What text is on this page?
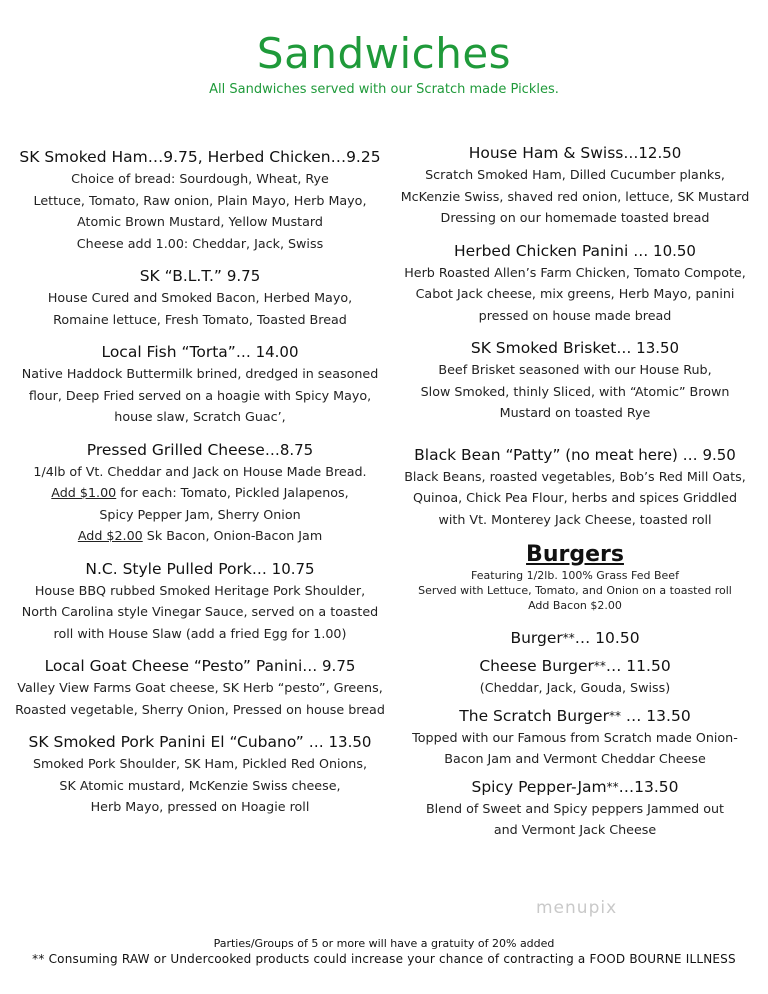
Sandwiches
All Sandwiches served with our Scratch made Pickles.
SK Smoked Ham…9.75, Herbed Chicken…9.25
Choice of bread: Sourdough, Wheat, Rye
Lettuce, Tomato, Raw onion, Plain Mayo, Herb Mayo,
Atomic Brown Mustard, Yellow Mustard
Cheese add 1.00: Cheddar, Jack, Swiss
SK “B.L.T.” 9.75
House Cured and Smoked Bacon, Herbed Mayo,
Romaine lettuce, Fresh Tomato, Toasted Bread
Local Fish “Torta”… 14.00
Native Haddock Buttermilk brined, dredged in seasoned
flour, Deep Fried served on a hoagie with Spicy Mayo,
house slaw, Scratch Guac’,
Pressed Grilled Cheese…8.75
1/4lb of Vt. Cheddar and Jack on House Made Bread.
Add $1.00 for each: Tomato, Pickled Jalapenos,
Spicy Pepper Jam, Sherry Onion
Add $2.00 Sk Bacon, Onion-Bacon Jam
N.C. Style Pulled Pork… 10.75
House BBQ rubbed Smoked Heritage Pork Shoulder,
North Carolina style Vinegar Sauce, served on a toasted
roll with House Slaw (add a fried Egg for 1.00)
Local Goat Cheese “Pesto” Panini… 9.75
Valley View Farms Goat cheese, SK Herb “pesto”, Greens,
Roasted vegetable, Sherry Onion, Pressed on house bread
SK Smoked Pork Panini El “Cubano” … 13.50
Smoked Pork Shoulder, SK Ham, Pickled Red Onions,
SK Atomic mustard, McKenzie Swiss cheese,
Herb Mayo, pressed on Hoagie roll
House Ham & Swiss…12.50
Scratch Smoked Ham, Dilled Cucumber planks,
McKenzie Swiss, shaved red onion, lettuce, SK Mustard
Dressing on our homemade toasted bread
Herbed Chicken Panini … 10.50
Herb Roasted Allen’s Farm Chicken, Tomato Compote,
Cabot Jack cheese, mix greens, Herb Mayo, panini
pressed on house made bread
SK Smoked Brisket… 13.50
Beef Brisket seasoned with our House Rub,
Slow Smoked, thinly Sliced, with “Atomic” Brown
Mustard on toasted Rye
Black Bean “Patty” (no meat here) … 9.50
Black Beans, roasted vegetables, Bob’s Red Mill Oats,
Quinoa, Chick Pea Flour, herbs and spices Griddled
with Vt. Monterey Jack Cheese, toasted roll
Burgers
Featuring 1/2lb. 100% Grass Fed Beef
Served with Lettuce, Tomato, and Onion on a toasted roll
Add Bacon $2.00
Burger**… 10.50
Cheese Burger**… 11.50
(Cheddar, Jack, Gouda, Swiss)
The Scratch Burger** … 13.50
Topped with our Famous from Scratch made Onion-
Bacon Jam and Vermont Cheddar Cheese
Spicy Pepper-Jam**…13.50
Blend of Sweet and Spicy peppers Jammed out
and Vermont Jack Cheese
menupix
Parties/Groups of 5 or more will have a gratuity of 20% added
** Consuming RAW or Undercooked products could increase your chance of contracting a FOOD BOURNE ILLNESS
